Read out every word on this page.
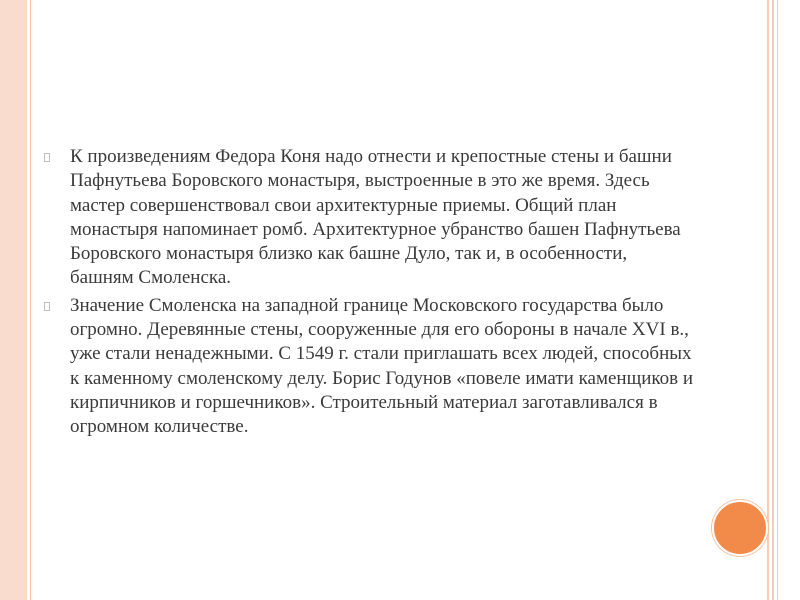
К произведениям Федора Коня надо отнести и крепостные стены и башни Пафнутьева Боровского монастыря, выстроенные в это же время. Здесь мастер совершенствовал свои архитектурные приемы. Общий план монастыря напоминает ромб. Архитектурное убранство башен Пафнутьева Боровского монастыря близко как башне Дуло, так и, в особенности, башням Смоленска.

Значение Смоленска на западной границе Московского государства было огромно. Деревянные стены, сооруженные для его обороны в начале XVI в., уже стали ненадежными. С 1549 г. стали приглашать всех людей, способных к каменному смоленскому делу. Борис Годунов «повеле имати каменщиков и кирпичников и горшечников». Строительный материал заготавливался в огромном количестве.
